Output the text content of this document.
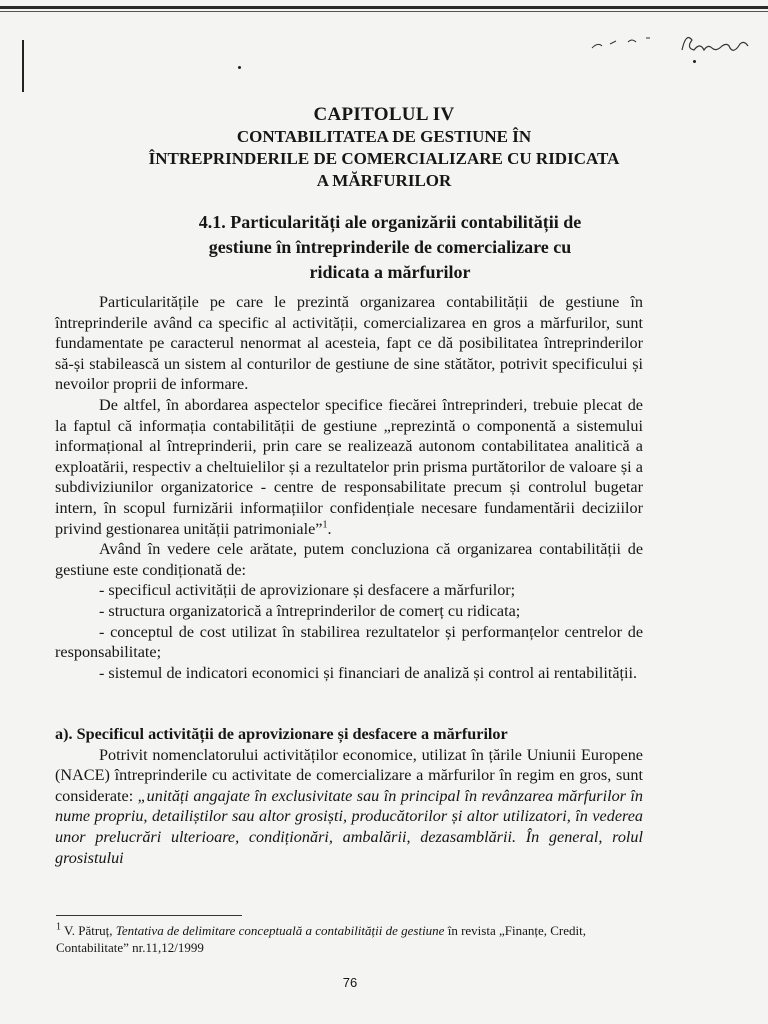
CAPITOLUL IV
CONTABILITATEA DE GESTIUNE ÎN
ÎNTREPRINDERILE DE COMERCIALIZARE CU RIDICATA
A MĂRFURILOR
4.1. Particularități ale organizării contabilității de
gestiune în întreprinderile de comercializare cu
ridicata a mărfurilor

Particularitățile pe care le prezintă organizarea contabilității de gestiune în întreprinderile având ca specific al activității, comercializarea en gros a mărfurilor, sunt fundamentate pe caracterul nenormat al acesteia, fapt ce dă posibilitatea întreprinderilor să-și stabilească un sistem al conturilor de gestiune de sine stătător, potrivit specificului și nevoilor proprii de informare.

De altfel, în abordarea aspectelor specifice fiecărei întreprinderi, trebuie plecat de la faptul că informația contabilității de gestiune „reprezintă o componentă a sistemului informațional al întreprinderii, prin care se realizează autonom contabilitatea analitică a exploatării, respectiv a cheltuielilor și a rezultatelor prin prisma purtătorilor de valoare și a subdiviziunilor organizatorice - centre de responsabilitate precum și controlul bugetar intern, în scopul furnizării informațiilor confidențiale necesare fundamentării deciziilor privind gestionarea unității patrimoniale”$^1$.

Având în vedere cele arătate, putem concluziona că organizarea contabilității de gestiune este condiționată de:

- specificul activității de aprovizionare și desfacere a mărfurilor;

- structura organizatorică a întreprinderilor de comerț cu ridicata;

- conceptul de cost utilizat în stabilirea rezultatelor și performanțelor centrelor de responsabilitate;

- sistemul de indicatori economici și financiari de analiză și control ai rentabilității.

a). Specificul activității de aprovizionare și desfacere a mărfurilor

Potrivit nomenclatorului activităților economice, utilizat în țările Uniunii Europene (NACE) întreprinderile cu activitate de comercializare a mărfurilor în regim en gros, sunt considerate: „unități angajate în exclusivitate sau în principal în revânzarea mărfurilor în nume propriu, detailiștilor sau altor grosiști, producătorilor și altor utilizatori, în vederea unor prelucrări ulterioare, condiționări, ambalării, dezasamblării. În general, rolul grosistului

$^1$ V. Pătruț, Tentativa de delimitare conceptuală a contabilității de gestiune în revista „Finanțe, Credit, Contabilitate” nr.11,12/1999

76
